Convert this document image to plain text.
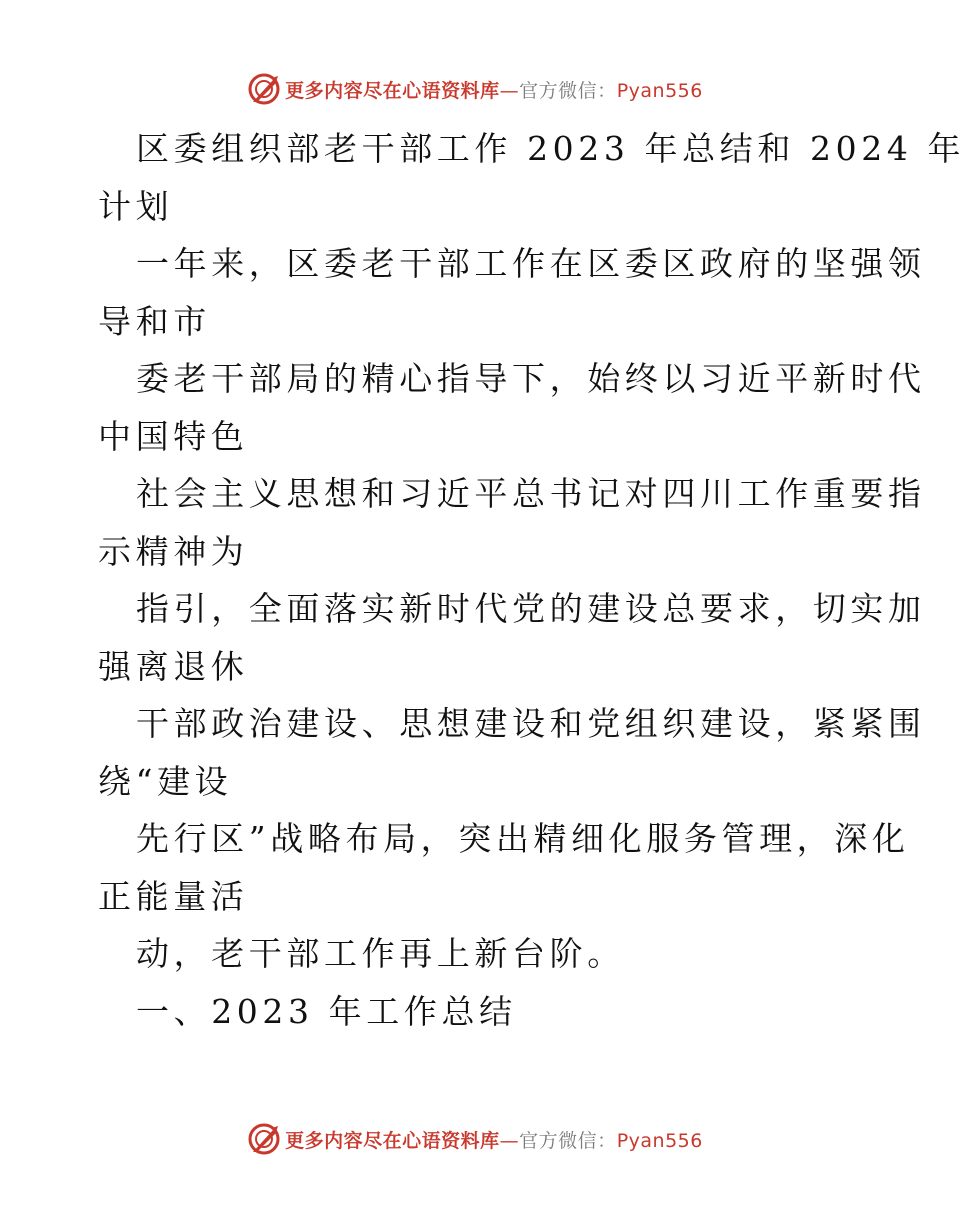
更多内容尽在心语资料库—官方微信：Pyan556
区委组织部老干部工作 2023 年总结和 2024 年
计划
一年来，区委老干部工作在区委区政府的坚强领
导和市
委老干部局的精心指导下，始终以习近平新时代
中国特色
社会主义思想和习近平总书记对四川工作重要指
示精神为
指引，全面落实新时代党的建设总要求，切实加
强离退休
干部政治建设、思想建设和党组织建设，紧紧围
绕“建设
先行区”战略布局，突出精细化服务管理，深化
正能量活
动，老干部工作再上新台阶。
一、2023 年工作总结
更多内容尽在心语资料库—官方微信：Pyan556
